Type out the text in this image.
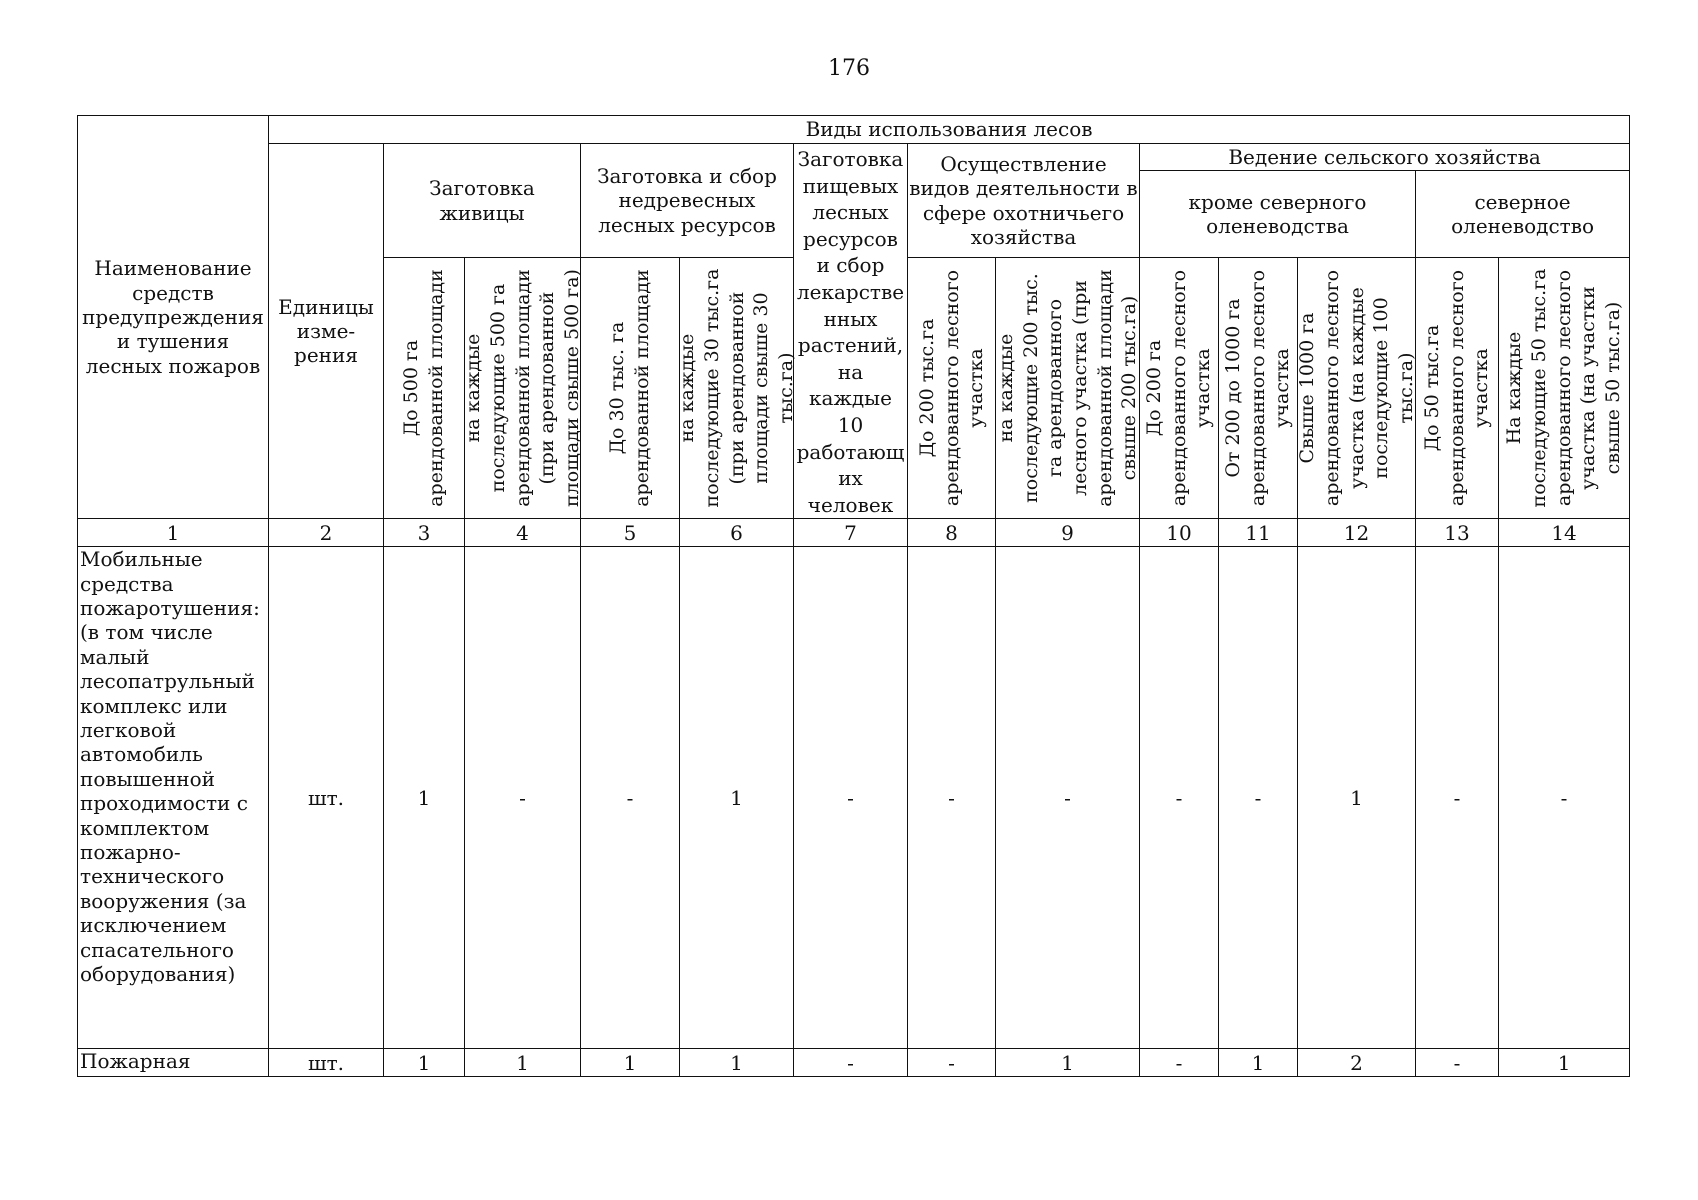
176
Наименование средств предупреждения и тушения лесных пожаров	Виды использования лесов												
	Единицы изме-рения	Заготовка живицы		Заготовка и сбор недревесных лесных ресурсов		Заготовка пищевых лесных ресурсов и сбор лекарстве нных растений, на каждые 10 работающ их человек	Осуществление видов деятельности в сфере охотничьего хозяйства		Ведение сельского хозяйства				
									кроме северного оленеводства			северное оленеводство	

До 500 га арендованной площади	на каждые последующие 500 га арендованной площади (при арендованной площади свыше 500 га)	До 30 тыс. га арендованной площади	на каждые последующие 30 тыс.га (при арендованной площади свыше 30 тыс.га)		До 200 тыс.га арендованного лесного участка	на каждые последующие 200 тыс. га арендованного лесного участка (при арендованной площади свыше 200 тыс.га)	До 200 га арендованного лесного участка	От 200 до 1000 га арендованного лесного участка	Свыше 1000 га арендованного лесного участка (на каждые последующие 100 тыс.га)	До 50 тыс.га арендованного лесного участка	На каждые последующие 50 тыс.га арендованного лесного участка (на участки свыше 50 тыс.га)

1	2	3	4	5	6	7	8	9	10	11	12	13	14
Мобильные средства пожаротушения: (в том числе малый лесопатрульный комплекс или легковой автомобиль повышенной проходимости с комплектом пожарно-технического вооружения (за исключением спасательного оборудования)	шт.	1	-	-	1	-	-	-	-	-	1	-	-
Пожарная	шт.	1	1	1	1	-	-	1	-	1	2	-	1
